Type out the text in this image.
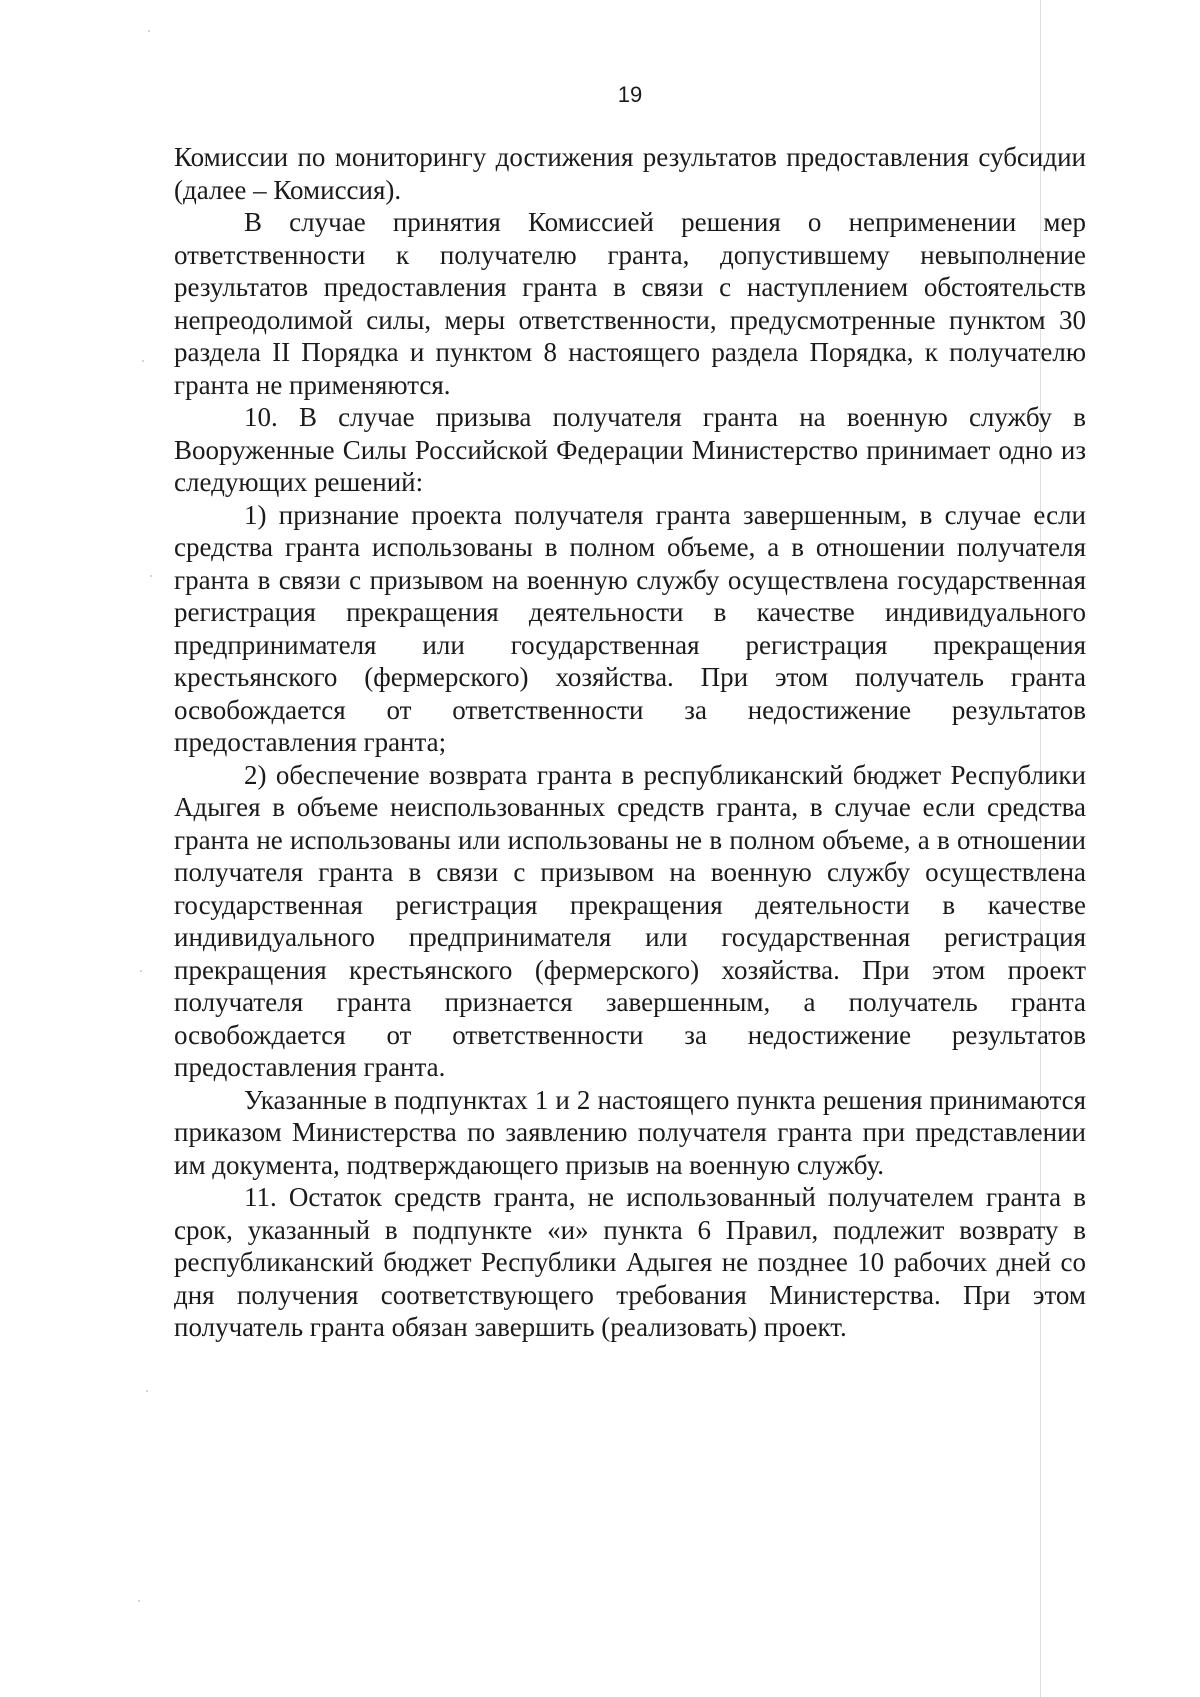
19

Комиссии по мониторингу достижения результатов предоставления субсидии (далее – Комиссия).

В случае принятия Комиссией решения о неприменении мер ответственности к получателю гранта, допустившему невыполнение результатов предоставления гранта в связи с наступлением обстоятельств непреодолимой силы, меры ответственности, предусмотренные пунктом 30 раздела II Порядка и пунктом 8 настоящего раздела Порядка, к получателю гранта не применяются.

10. В случае призыва получателя гранта на военную службу в Вооруженные Силы Российской Федерации Министерство принимает одно из следующих решений:

1) признание проекта получателя гранта завершенным, в случае если средства гранта использованы в полном объеме, а в отношении получателя гранта в связи с призывом на военную службу осуществлена государственная регистрация прекращения деятельности в качестве индивидуального предпринимателя или государственная регистрация прекращения крестьянского (фермерского) хозяйства. При этом получатель гранта освобождается от ответственности за недостижение результатов предоставления гранта;

2) обеспечение возврата гранта в республиканский бюджет Республики Адыгея в объеме неиспользованных средств гранта, в случае если средства гранта не использованы или использованы не в полном объеме, а в отношении получателя гранта в связи с призывом на военную службу осуществлена государственная регистрация прекращения деятельности в качестве индивидуального предпринимателя или государственная регистрация прекращения крестьянского (фермерского) хозяйства. При этом проект получателя гранта признается завершенным, а получатель гранта освобождается от ответственности за недостижение результатов предоставления гранта.

Указанные в подпунктах 1 и 2 настоящего пункта решения принимаются приказом Министерства по заявлению получателя гранта при представлении им документа, подтверждающего призыв на военную службу.

11. Остаток средств гранта, не использованный получателем гранта в срок, указанный в подпункте «и» пункта 6 Правил, подлежит возврату в республиканский бюджет Республики Адыгея не позднее 10 рабочих дней со дня получения соответствующего требования Министерства. При этом получатель гранта обязан завершить (реализовать) проект.
